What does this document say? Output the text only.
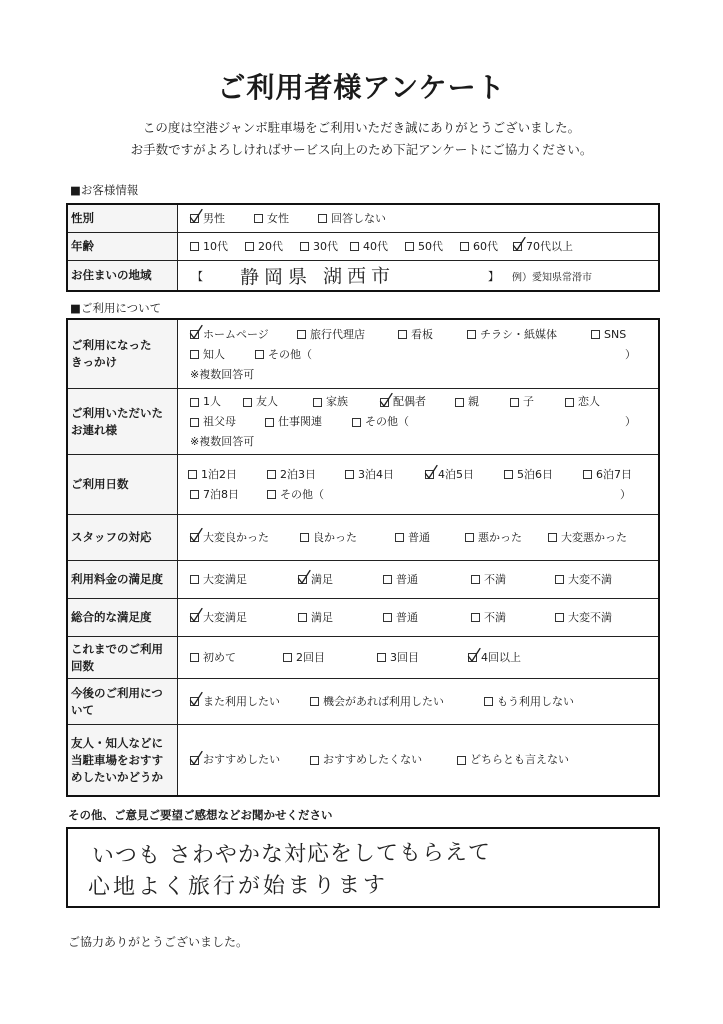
ご利用者様アンケート
この度は空港ジャンボ駐車場をご利用いただき誠にありがとうございました。
お手数ですがよろしければサービス向上のため下記アンケートにご協力ください。
■お客様情報
性別	男性	女性	回答しない
年齢	10代	20代	30代 40代	50代	60代	70代以上
お住まいの地域	【 静岡県 湖西市	】 例）愛知県常滑市
■ご利用について
ご利用になった
きっかけ
ホームページ	旅行代理店	看板	チラシ・紙媒体	SNS
知人	その他（	）
※複数回答可
ご利用いただいた
お連れ様
1人	友人	家族	配偶者	親	子	恋人
祖父母	仕事関連	その他（	）
※複数回答可
ご利用日数
1泊2日	2泊3日	3泊4日	4泊5日	5泊6日	6泊7日
7泊8日	その他（	）
スタッフの対応	大変良かった	良かった	普通	悪かった	大変悪かった
利用料金の満足度	大変満足	満足	普通	不満	大変不満
総合的な満足度	大変満足	満足	普通	不満	大変不満
これまでのご利用
回数
初めて	2回目	3回目	4回以上
今後のご利用につ
いて
また利用したい	機会があれば利用したい	もう利用しない
友人・知人などに
当駐車場をおすす
めしたいかどうか
おすすめしたい	おすすめしたくない	どちらとも言えない
その他、ご意見ご要望ご感想などお聞かせください
いつも さわやかな対応をしてもらえて
心地よく旅行が始まります
ご協力ありがとうございました。
